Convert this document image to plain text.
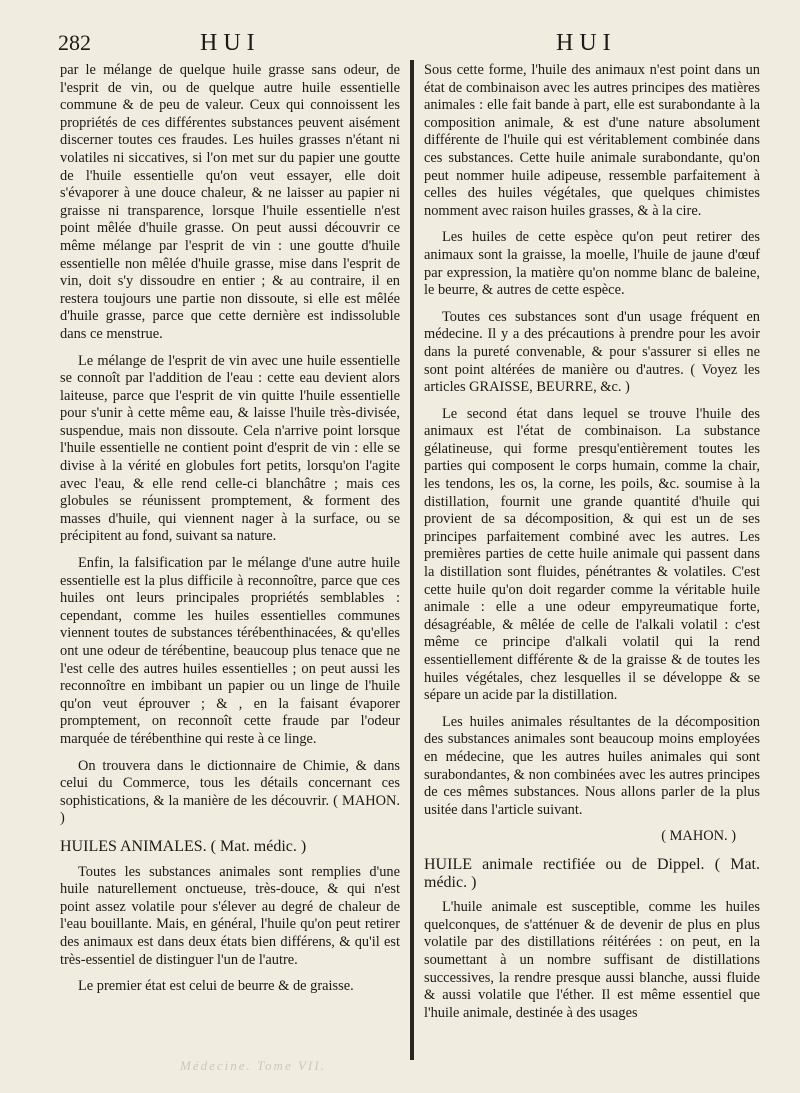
282	HUI	HUI

par le mélange de quelque huile grasse sans odeur, de l'esprit de vin, ou de quelque autre huile essentielle commune & de peu de valeur. Ceux qui connoissent les propriétés de ces différentes substances peuvent aisément discerner toutes ces fraudes. Les huiles grasses n'étant ni volatiles ni siccatives, si l'on met sur du papier une goutte de l'huile essentielle qu'on veut essayer, elle doit s'évaporer à une douce chaleur, & ne laisser au papier ni graisse ni transparence, lorsque l'huile essentielle n'est point mêlée d'huile grasse. On peut aussi découvrir ce même mélange par l'esprit de vin : une goutte d'huile essentielle non mêlée d'huile grasse, mise dans l'esprit de vin, doit s'y dissoudre en entier ; & au contraire, il en restera toujours une partie non dissoute, si elle est mêlée d'huile grasse, parce que cette dernière est indissoluble dans ce menstrue.

Le mélange de l'esprit de vin avec une huile essentielle se connoît par l'addition de l'eau : cette eau devient alors laiteuse, parce que l'esprit de vin quitte l'huile essentielle pour s'unir à cette même eau, & laisse l'huile très-divisée, suspendue, mais non dissoute. Cela n'arrive point lorsque l'huile essentielle ne contient point d'esprit de vin : elle se divise à la vérité en globules fort petits, lorsqu'on l'agite avec l'eau, & elle rend celle-ci blanchâtre ; mais ces globules se réunissent promptement, & forment des masses d'huile, qui viennent nager à la surface, ou se précipitent au fond, suivant sa nature.

Enfin, la falsification par le mélange d'une autre huile essentielle est la plus difficile à reconnoître, parce que ces huiles ont leurs principales propriétés semblables : cependant, comme les huiles essentielles communes viennent toutes de substances térébenthinacées, & qu'elles ont une odeur de térébentine, beaucoup plus tenace que ne l'est celle des autres huiles essentielles ; on peut aussi les reconnoître en imbibant un papier ou un linge de l'huile qu'on veut éprouver ; & , en la faisant évaporer promptement, on reconnoît cette fraude par l'odeur marquée de térébenthine qui reste à ce linge.

On trouvera dans le dictionnaire de Chimie, & dans celui du Commerce, tous les détails concernant ces sophistications, & la manière de les découvrir. ( MAHON. )

HUILES ANIMALES. ( Mat. médic. )

Toutes les substances animales sont remplies d'une huile naturellement onctueuse, très-douce, & qui n'est point assez volatile pour s'élever au degré de chaleur de l'eau bouillante. Mais, en général, l'huile qu'on peut retirer des animaux est dans deux états bien différens, & qu'il est très-essentiel de distinguer l'un de l'autre.

Le premier état est celui de beurre & de graisse.

Sous cette forme, l'huile des animaux n'est point dans un état de combinaison avec les autres principes des matières animales : elle fait bande à part, elle est surabondante à la composition animale, & est d'une nature absolument différente de l'huile qui est véritablement combinée dans ces substances. Cette huile animale surabondante, qu'on peut nommer huile adipeuse, ressemble parfaitement à celles des huiles végétales, que quelques chimistes nomment avec raison huiles grasses, & à la cire.

Les huiles de cette espèce qu'on peut retirer des animaux sont la graisse, la moelle, l'huile de jaune d'œuf par expression, la matière qu'on nomme blanc de baleine, le beurre, & autres de cette espèce.

Toutes ces substances sont d'un usage fréquent en médecine. Il y a des précautions à prendre pour les avoir dans la pureté convenable, & pour s'assurer si elles ne sont point altérées de manière ou d'autres. ( Voyez les articles GRAISSE, BEURRE, &c. )

Le second état dans lequel se trouve l'huile des animaux est l'état de combinaison. La substance gélatineuse, qui forme presqu'entièrement toutes les parties qui composent le corps humain, comme la chair, les tendons, les os, la corne, les poils, &c. soumise à la distillation, fournit une grande quantité d'huile qui provient de sa décomposition, & qui est un de ses principes parfaitement combiné avec les autres. Les premières parties de cette huile animale qui passent dans la distillation sont fluides, pénétrantes & volatiles. C'est cette huile qu'on doit regarder comme la véritable huile animale : elle a une odeur empyreumatique forte, désagréable, & mêlée de celle de l'alkali volatil : c'est même ce principe d'alkali volatil qui la rend essentiellement différente & de la graisse & de toutes les huiles végétales, chez lesquelles il se développe & se sépare un acide par la distillation.

Les huiles animales résultantes de la décomposition des substances animales sont beaucoup moins employées en médecine, que les autres huiles animales qui sont surabondantes, & non combinées avec les autres principes de ces mêmes substances. Nous allons parler de la plus usitée dans l'article suivant.

( MAHON. )

HUILE animale rectifiée ou de Dippel. ( Mat. médic. )

L'huile animale est susceptible, comme les huiles quelconques, de s'atténuer & de devenir de plus en plus volatile par des distillations réitérées : on peut, en la soumettant à un nombre suffisant de distillations successives, la rendre presque aussi blanche, aussi fluide & aussi volatile que l'éther. Il est même essentiel que l'huile animale, destinée à des usages

Médecine. Tome VII.
